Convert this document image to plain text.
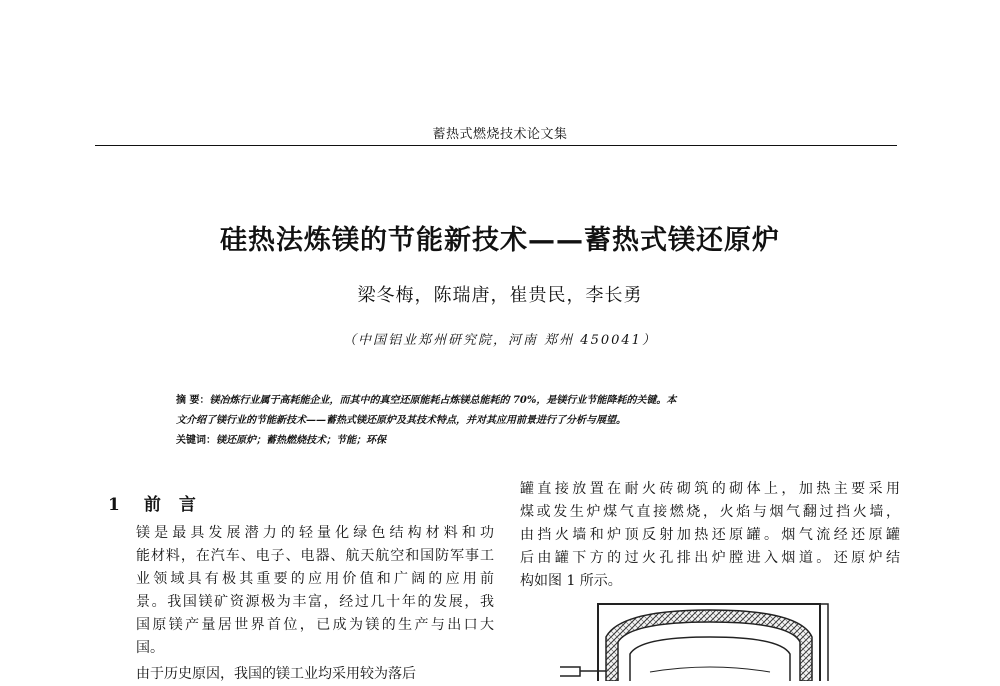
蓄热式燃烧技术论文集
硅热法炼镁的节能新技术——蓄热式镁还原炉
梁冬梅，陈瑞唐，崔贵民，李长勇
（中国铝业郑州研究院，河南 郑州 450041）
摘 要：镁冶炼行业属于高耗能企业，而其中的真空还原能耗占炼镁总能耗的 70%，是镁行业节能降耗的关键。本
文介绍了镁行业的节能新技术——蓄热式镁还原炉及其技术特点，并对其应用前景进行了分析与展望。
关键词：镁还原炉；蓄热燃烧技术；节能；环保
1 前 言

镁是最具发展潜力的轻量化绿色结构材料和功
能材料，在汽车、电子、电器、航天航空和国防军事工
业领域具有极其重要的应用价值和广阔的应用前
景。我国镁矿资源极为丰富，经过几十年的发展，我
国原镁产量居世界首位，已成为镁的生产与出口大
国。

由于历史原因，我国的镁工业均采用较为落后
罐直接放置在耐火砖砌筑的砌体上，加热主要采用
煤或发生炉煤气直接燃烧，火焰与烟气翻过挡火墙，
由挡火墙和炉顶反射加热还原罐。烟气流经还原罐
后由罐下方的过火孔排出炉膛进入烟道。还原炉结
构如图 1 所示。
